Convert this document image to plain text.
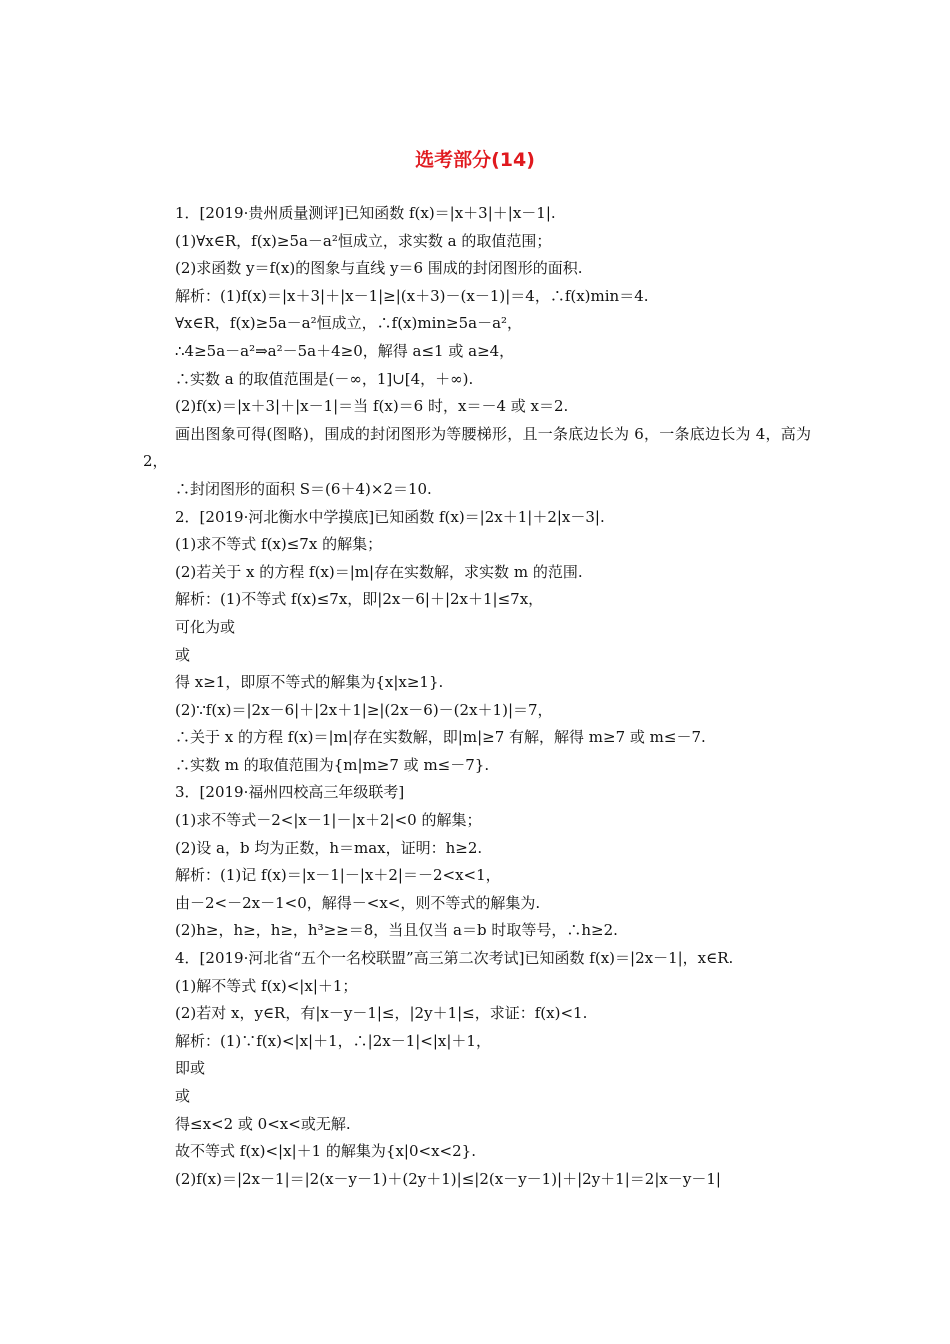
选考部分(14)
1．[2019·贵州质量测评]已知函数 f(x)＝|x＋3|＋|x－1|.
(1)∀x∈R，f(x)≥5a－a²恒成立，求实数 a 的取值范围；
(2)求函数 y＝f(x)的图象与直线 y＝6 围成的封闭图形的面积.
解析：(1)f(x)＝|x＋3|＋|x－1|≥|(x＋3)－(x－1)|＝4，∴f(x)min＝4.
∀x∈R，f(x)≥5a－a²恒成立，∴f(x)min≥5a－a²，
∴4≥5a－a²⇒a²－5a＋4≥0，解得 a≤1 或 a≥4，
∴实数 a 的取值范围是(－∞，1]∪[4，＋∞).
(2)f(x)＝|x＋3|＋|x－1|＝当 f(x)＝6 时，x＝－4 或 x＝2.
画出图象可得(图略)，围成的封闭图形为等腰梯形，且一条底边长为 6，一条底边长为 4，高为 2，
∴封闭图形的面积 S＝(6＋4)×2＝10.
2．[2019·河北衡水中学摸底]已知函数 f(x)＝|2x＋1|＋2|x－3|.
(1)求不等式 f(x)≤7x 的解集；
(2)若关于 x 的方程 f(x)＝|m|存在实数解，求实数 m 的范围.
解析：(1)不等式 f(x)≤7x，即|2x－6|＋|2x＋1|≤7x，
可化为或
或
得 x≥1，即原不等式的解集为{x|x≥1}.
(2)∵f(x)＝|2x－6|＋|2x＋1|≥|(2x－6)－(2x＋1)|＝7，
∴关于 x 的方程 f(x)＝|m|存在实数解，即|m|≥7 有解，解得 m≥7 或 m≤－7.
∴实数 m 的取值范围为{m|m≥7 或 m≤－7}.
3．[2019·福州四校高三年级联考]
(1)求不等式－2<|x－1|－|x＋2|<0 的解集；
(2)设 a，b 均为正数，h＝max，证明：h≥2.
解析：(1)记 f(x)＝|x－1|－|x＋2|＝－2<x<1，
由－2<－2x－1<0，解得－<x<，则不等式的解集为.
(2)h≥，h≥，h≥，h³≥≥＝8，当且仅当 a＝b 时取等号，∴h≥2.
4．[2019·河北省“五个一名校联盟”高三第二次考试]已知函数 f(x)＝|2x－1|，x∈R.
(1)解不等式 f(x)<|x|＋1；
(2)若对 x，y∈R，有|x－y－1|≤，|2y＋1|≤，求证：f(x)<1.
解析：(1)∵f(x)<|x|＋1，∴|2x－1|<|x|＋1，
即或
或
得≤x<2 或 0<x<或无解.
故不等式 f(x)<|x|＋1 的解集为{x|0<x<2}.
(2)f(x)＝|2x－1|＝|2(x－y－1)＋(2y＋1)|≤|2(x－y－1)|＋|2y＋1|＝2|x－y－1|
